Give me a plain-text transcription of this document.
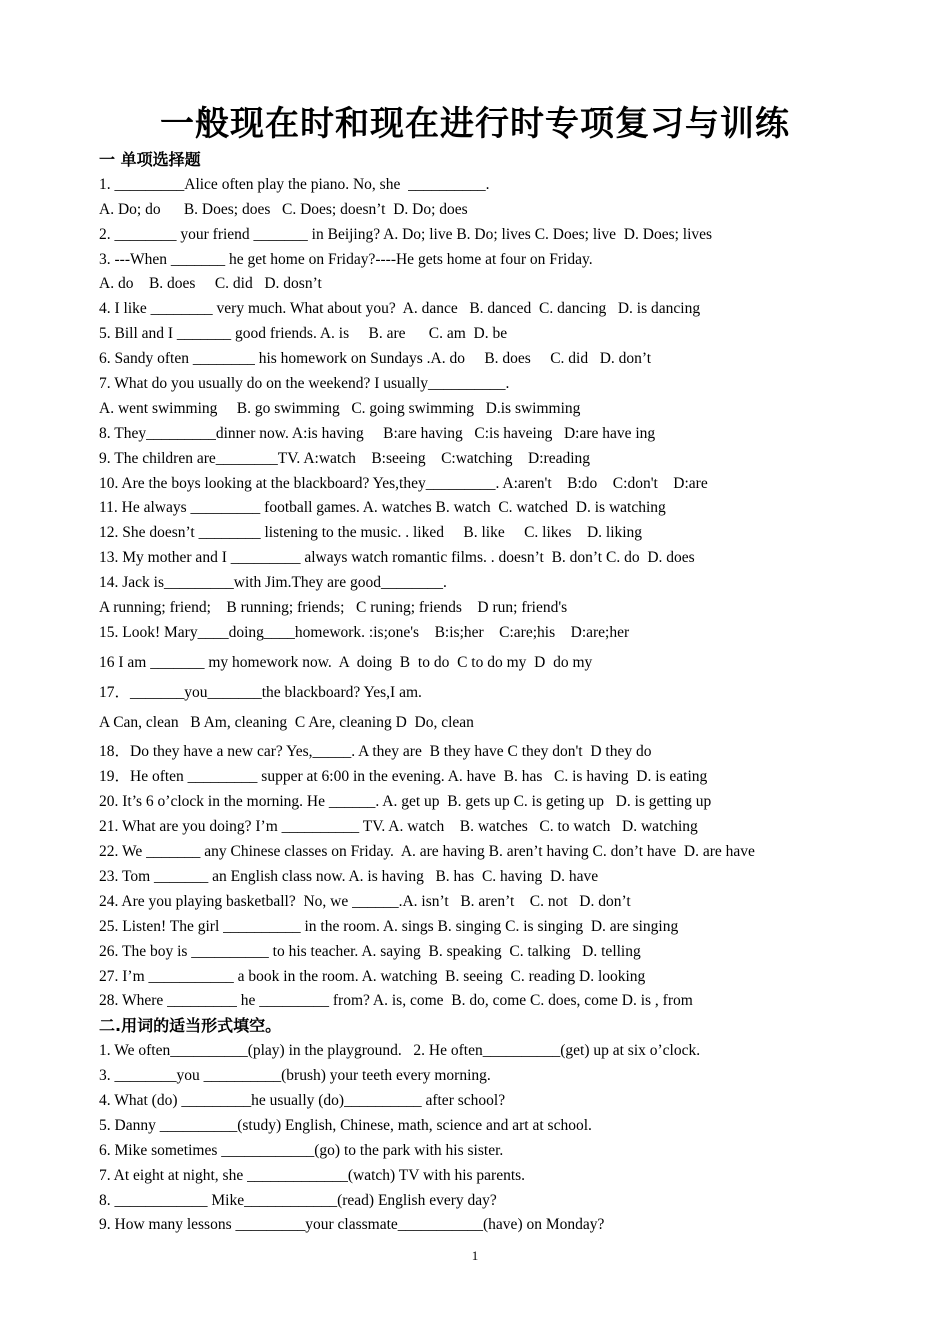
一般现在时和现在进行时专项复习与训练
一 单项选择题
1. _________Alice often play the piano. No, she  __________.
A. Do; do      B. Does; does   C. Does; doesn’t  D. Do; does
2. ________ your friend _______ in Beijing? A. Do; live B. Do; lives C. Does; live  D. Does; lives
3. ---When _______ he get home on Friday?----He gets home at four on Friday.
A. do    B. does     C. did   D. dosn’t
4. I like ________ very much. What about you?  A. dance   B. danced  C. dancing   D. is dancing
5. Bill and I _______ good friends. A. is     B. are      C. am  D. be
6. Sandy often ________ his homework on Sundays .A. do     B. does     C. did   D. don’t
7. What do you usually do on the weekend? I usually__________.
A. went swimming     B. go swimming   C. going swimming   D.is swimming
8. They_________dinner now. A:is having     B:are having   C:is haveing   D:are have ing
9. The children are________TV. A:watch    B:seeing    C:watching    D:reading
10. Are the boys looking at the blackboard? Yes,they_________. A:aren't    B:do    C:don't    D:are
11. He always _________ football games. A. watches B. watch  C. watched  D. is watching
12. She doesn’t ________ listening to the music. . liked     B. like     C. likes    D. liking
13. My mother and I _________ always watch romantic films. . doesn’t  B. don’t C. do  D. does
14. Jack is_________with Jim.They are good________.
A running; friend;    B running; friends;   C runing; friends    D run; friend's
15. Look! Mary____doing____homework. :is;one's    B:is;her    C:are;his    D:are;her
16 I am _______ my homework now.  A  doing  B  to do  C to do my  D  do my
17．_______you_______the blackboard? Yes,I am.
A Can, clean   B Am, cleaning  C Are, cleaning D  Do, clean
18．Do they have a new car? Yes,_____. A they are  B they have C they don't  D they do
19．He often _________ supper at 6:00 in the evening. A. have  B. has   C. is having  D. is eating
20. It’s 6 o’clock in the morning. He ______. A. get up  B. gets up C. is geting up   D. is getting up
21. What are you doing? I’m __________ TV. A. watch    B. watches   C. to watch   D. watching
22. We _______ any Chinese classes on Friday.  A. are having B. aren’t having C. don’t have  D. are have
23. Tom _______ an English class now. A. is having   B. has  C. having  D. have
24. Are you playing basketball?  No, we ______.A. isn’t   B. aren’t    C. not   D. don’t
25. Listen! The girl __________ in the room. A. sings B. singing C. is singing  D. are singing
26. The boy is __________ to his teacher. A. saying  B. speaking  C. talking   D. telling
27. I’m ___________ a book in the room. A. watching  B. seeing  C. reading D. looking
28. Where _________ he _________ from? A. is, come  B. do, come C. does, come D. is , from
二.用词的适当形式填空。
1. We often__________(play) in the playground.   2. He often__________(get) up at six o’clock.
3. ________you __________(brush) your teeth every morning.
4. What (do) _________he usually (do)__________ after school?
5. Danny __________(study) English, Chinese, math, science and art at school.
6. Mike sometimes ____________(go) to the park with his sister.
7. At eight at night, she _____________(watch) TV with his parents.
8. ____________ Mike____________(read) English every day?
9. How many lessons _________your classmate___________(have) on Monday?
1
